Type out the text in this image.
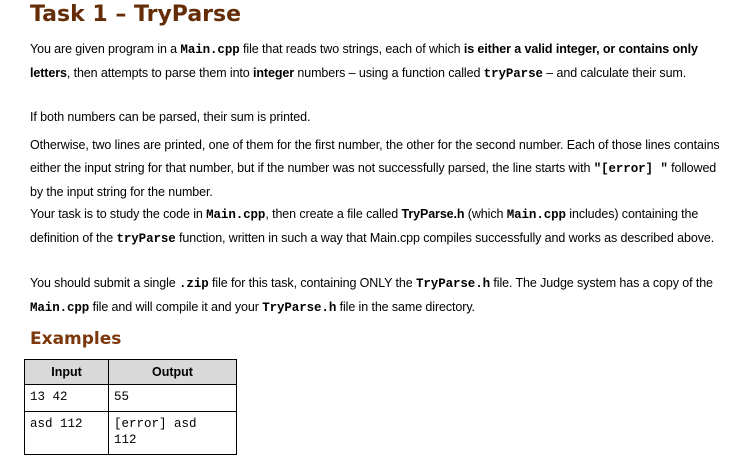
Task 1 – TryParse

You are given program in a Main.cpp file that reads two strings, each of which is either a valid integer, or contains only letters, then attempts to parse them into integer numbers – using a function called tryParse – and calculate their sum.

If both numbers can be parsed, their sum is printed.

Otherwise, two lines are printed, one of them for the first number, the other for the second number. Each of those lines contains either the input string for that number, but if the number was not successfully parsed, the line starts with "[error] " followed by the input string for the number.

Your task is to study the code in Main.cpp, then create a file called TryParse.h (which Main.cpp includes) containing the definition of the tryParse function, written in such a way that Main.cpp compiles successfully and works as described above.

You should submit a single .zip file for this task, containing ONLY the TryParse.h file. The Judge system has a copy of the Main.cpp file and will compile it and your TryParse.h file in the same directory.

Examples
Input	Output
13 42	55

asd 112	[error] asd
112
